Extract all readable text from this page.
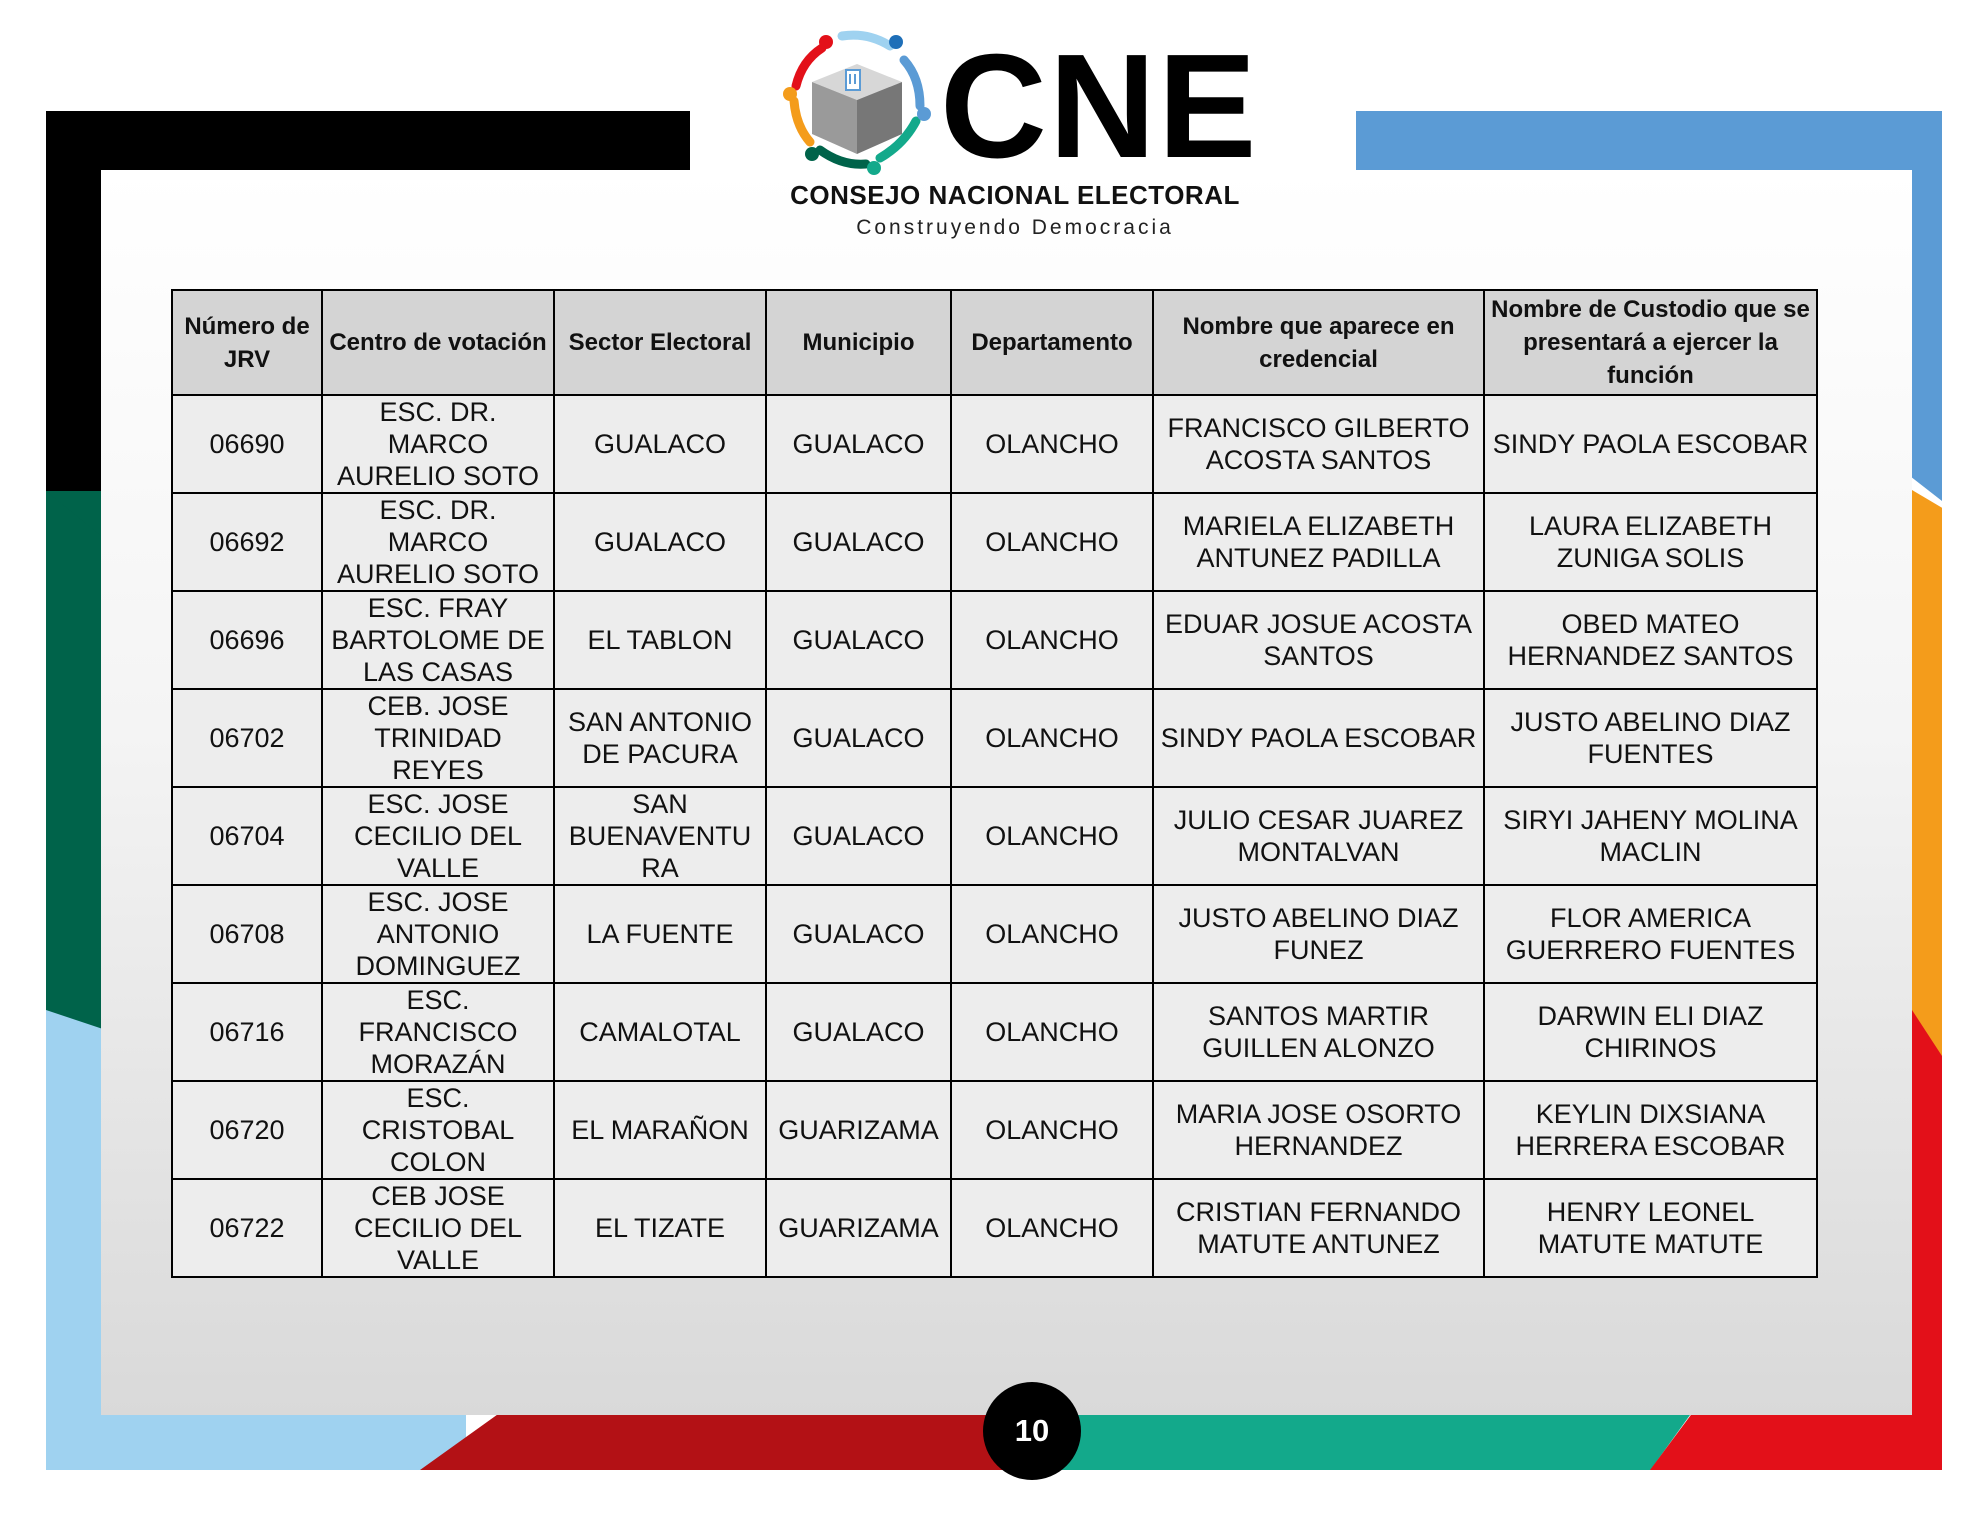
CNE
CONSEJO NACIONAL ELECTORAL
Construyendo Democracia
Número de JRV	Centro de votación	Sector Electoral	Municipio	Departamento	Nombre que aparece en credencial	Nombre de Custodio que se presentará a ejercer la función
06690	ESC. DR. MARCO AURELIO SOTO	GUALACO	GUALACO	OLANCHO	FRANCISCO GILBERTO ACOSTA SANTOS	SINDY PAOLA ESCOBAR
06692	ESC. DR. MARCO AURELIO SOTO	GUALACO	GUALACO	OLANCHO	MARIELA ELIZABETH ANTUNEZ PADILLA	LAURA ELIZABETH ZUNIGA SOLIS
06696	ESC. FRAY BARTOLOME DE LAS CASAS	EL TABLON	GUALACO	OLANCHO	EDUAR JOSUE ACOSTA SANTOS	OBED MATEO HERNANDEZ SANTOS
06702	CEB. JOSE TRINIDAD REYES	SAN ANTONIO DE PACURA	GUALACO	OLANCHO	SINDY PAOLA ESCOBAR	JUSTO ABELINO DIAZ FUENTES
06704	ESC. JOSE CECILIO DEL VALLE	SAN BUENAVENTU RA	GUALACO	OLANCHO	JULIO CESAR JUAREZ MONTALVAN	SIRYI JAHENY MOLINA MACLIN
06708	ESC. JOSE ANTONIO DOMINGUEZ	LA FUENTE	GUALACO	OLANCHO	JUSTO ABELINO DIAZ FUNEZ	FLOR AMERICA GUERRERO FUENTES
06716	ESC. FRANCISCO MORAZÁN	CAMALOTAL	GUALACO	OLANCHO	SANTOS MARTIR GUILLEN ALONZO	DARWIN ELI DIAZ CHIRINOS
06720	ESC. CRISTOBAL COLON	EL MARAÑON	GUARIZAMA	OLANCHO	MARIA JOSE OSORTO HERNANDEZ	KEYLIN DIXSIANA HERRERA ESCOBAR
06722	CEB JOSE CECILIO DEL VALLE	EL TIZATE	GUARIZAMA	OLANCHO	CRISTIAN FERNANDO MATUTE ANTUNEZ	HENRY LEONEL MATUTE MATUTE
10
